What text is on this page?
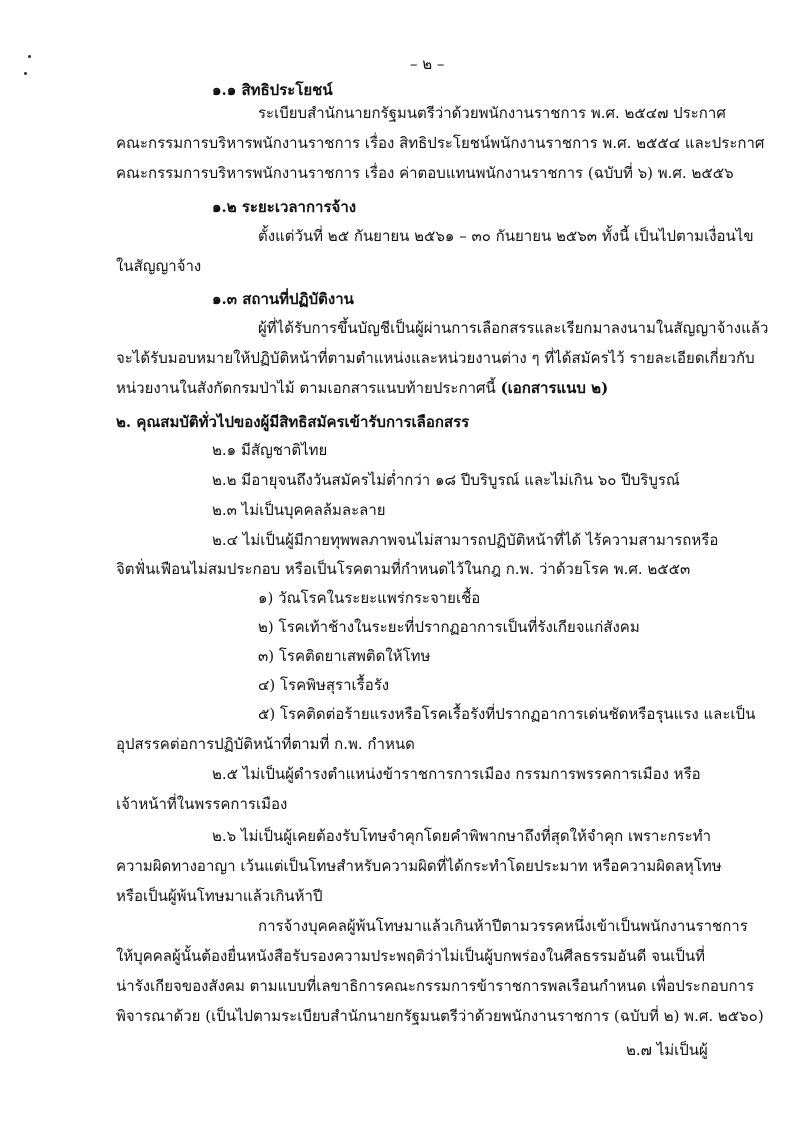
– ๒ –
๑.๑ สิทธิประโยชน์
ระเบียบสำนักนายกรัฐมนตรีว่าด้วยพนักงานราชการ พ.ศ. ๒๕๔๗ ประกาศ
คณะกรรมการบริหารพนักงานราชการ เรื่อง สิทธิประโยชน์พนักงานราชการ พ.ศ. ๒๕๕๔ และประกาศ
คณะกรรมการบริหารพนักงานราชการ เรื่อง ค่าตอบแทนพนักงานราชการ (ฉบับที่ ๖) พ.ศ. ๒๕๕๖
๑.๒ ระยะเวลาการจ้าง
ตั้งแต่วันที่ ๒๕ กันยายน ๒๕๖๑ – ๓๐ กันยายน ๒๕๖๓ ทั้งนี้ เป็นไปตามเงื่อนไข
ในสัญญาจ้าง
๑.๓ สถานที่ปฏิบัติงาน
ผู้ที่ได้รับการขึ้นบัญชีเป็นผู้ผ่านการเลือกสรรและเรียกมาลงนามในสัญญาจ้างแล้ว
จะได้รับมอบหมายให้ปฏิบัติหน้าที่ตามตำแหน่งและหน่วยงานต่าง ๆ ที่ได้สมัครไว้ รายละเอียดเกี่ยวกับ
หน่วยงานในสังกัดกรมป่าไม้ ตามเอกสารแนบท้ายประกาศนี้ (เอกสารแนบ ๒)
๒. คุณสมบัติทั่วไปของผู้มีสิทธิสมัครเข้ารับการเลือกสรร
๒.๑ มีสัญชาติไทย
๒.๒ มีอายุจนถึงวันสมัครไม่ต่ำกว่า ๑๘ ปีบริบูรณ์ และไม่เกิน ๖๐ ปีบริบูรณ์
๒.๓ ไม่เป็นบุคคลล้มละลาย
๒.๔ ไม่เป็นผู้มีกายทุพพลภาพจนไม่สามารถปฏิบัติหน้าที่ได้ ไร้ความสามารถหรือ
จิตฟั่นเฟือนไม่สมประกอบ หรือเป็นโรคตามที่กำหนดไว้ในกฎ ก.พ. ว่าด้วยโรค พ.ศ. ๒๕๕๓
๑) วัณโรคในระยะแพร่กระจายเชื้อ
๒) โรคเท้าช้างในระยะที่ปรากฏอาการเป็นที่รังเกียจแก่สังคม
๓) โรคติดยาเสพติดให้โทษ
๔) โรคพิษสุราเรื้อรัง
๕) โรคติดต่อร้ายแรงหรือโรคเรื้อรังที่ปรากฏอาการเด่นชัดหรือรุนแรง และเป็น
อุปสรรคต่อการปฏิบัติหน้าที่ตามที่ ก.พ. กำหนด
๒.๕ ไม่เป็นผู้ดำรงตำแหน่งข้าราชการการเมือง กรรมการพรรคการเมือง หรือ
เจ้าหน้าที่ในพรรคการเมือง
๒.๖ ไม่เป็นผู้เคยต้องรับโทษจำคุกโดยคำพิพากษาถึงที่สุดให้จำคุก เพราะกระทำ
ความผิดทางอาญา เว้นแต่เป็นโทษสำหรับความผิดที่ได้กระทำโดยประมาท หรือความผิดลหุโทษ
หรือเป็นผู้พ้นโทษมาแล้วเกินห้าปี
การจ้างบุคคลผู้พ้นโทษมาแล้วเกินห้าปีตามวรรคหนึ่งเข้าเป็นพนักงานราชการ
ให้บุคคลผู้นั้นต้องยื่นหนังสือรับรองความประพฤติว่าไม่เป็นผู้บกพร่องในศีลธรรมอันดี จนเป็นที่
น่ารังเกียจของสังคม ตามแบบที่เลขาธิการคณะกรรมการข้าราชการพลเรือนกำหนด เพื่อประกอบการ
พิจารณาด้วย (เป็นไปตามระเบียบสำนักนายกรัฐมนตรีว่าด้วยพนักงานราชการ (ฉบับที่ ๒) พ.ศ. ๒๕๖๐)
๒.๗ ไม่เป็นผู้
